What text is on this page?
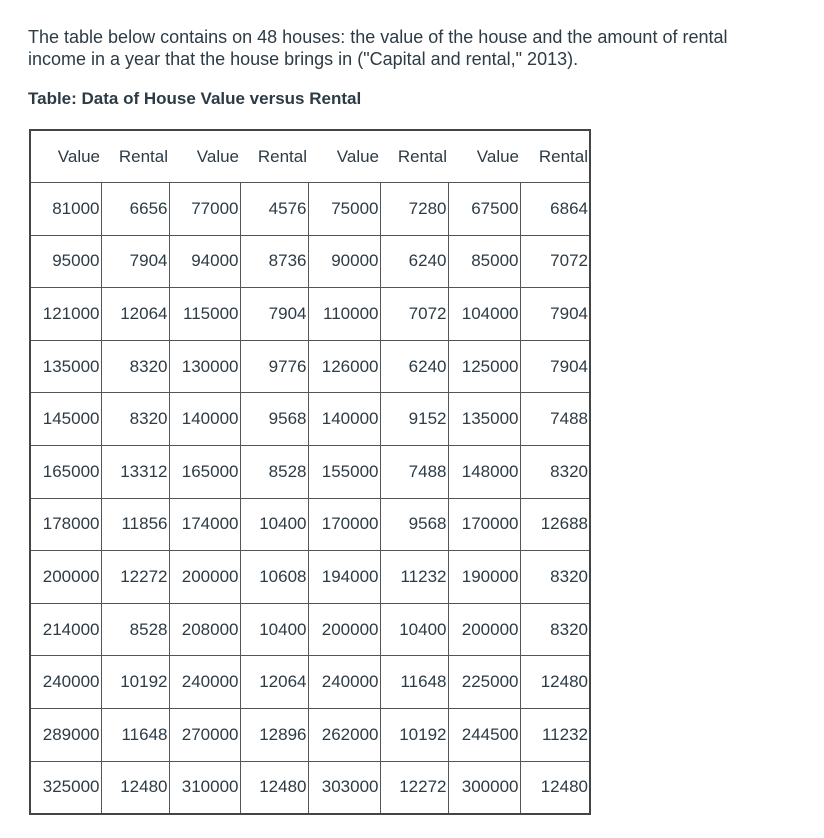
The table below contains on 48 houses: the value of the house and the amount of rental income in a year that the house brings in ("Capital and rental," 2013).

Table: Data of House Value versus Rental

Value	Rental	Value	Rental	Value	Rental	Value	Rental
81000	6656	77000	4576	75000	7280	67500	6864
95000	7904	94000	8736	90000	6240	85000	7072
121000	12064	115000	7904	110000	7072	104000	7904
135000	8320	130000	9776	126000	6240	125000	7904
145000	8320	140000	9568	140000	9152	135000	7488
165000	13312	165000	8528	155000	7488	148000	8320
178000	11856	174000	10400	170000	9568	170000	12688
200000	12272	200000	10608	194000	11232	190000	8320
214000	8528	208000	10400	200000	10400	200000	8320
240000	10192	240000	12064	240000	11648	225000	12480
289000	11648	270000	12896	262000	10192	244500	11232
325000	12480	310000	12480	303000	12272	300000	12480
